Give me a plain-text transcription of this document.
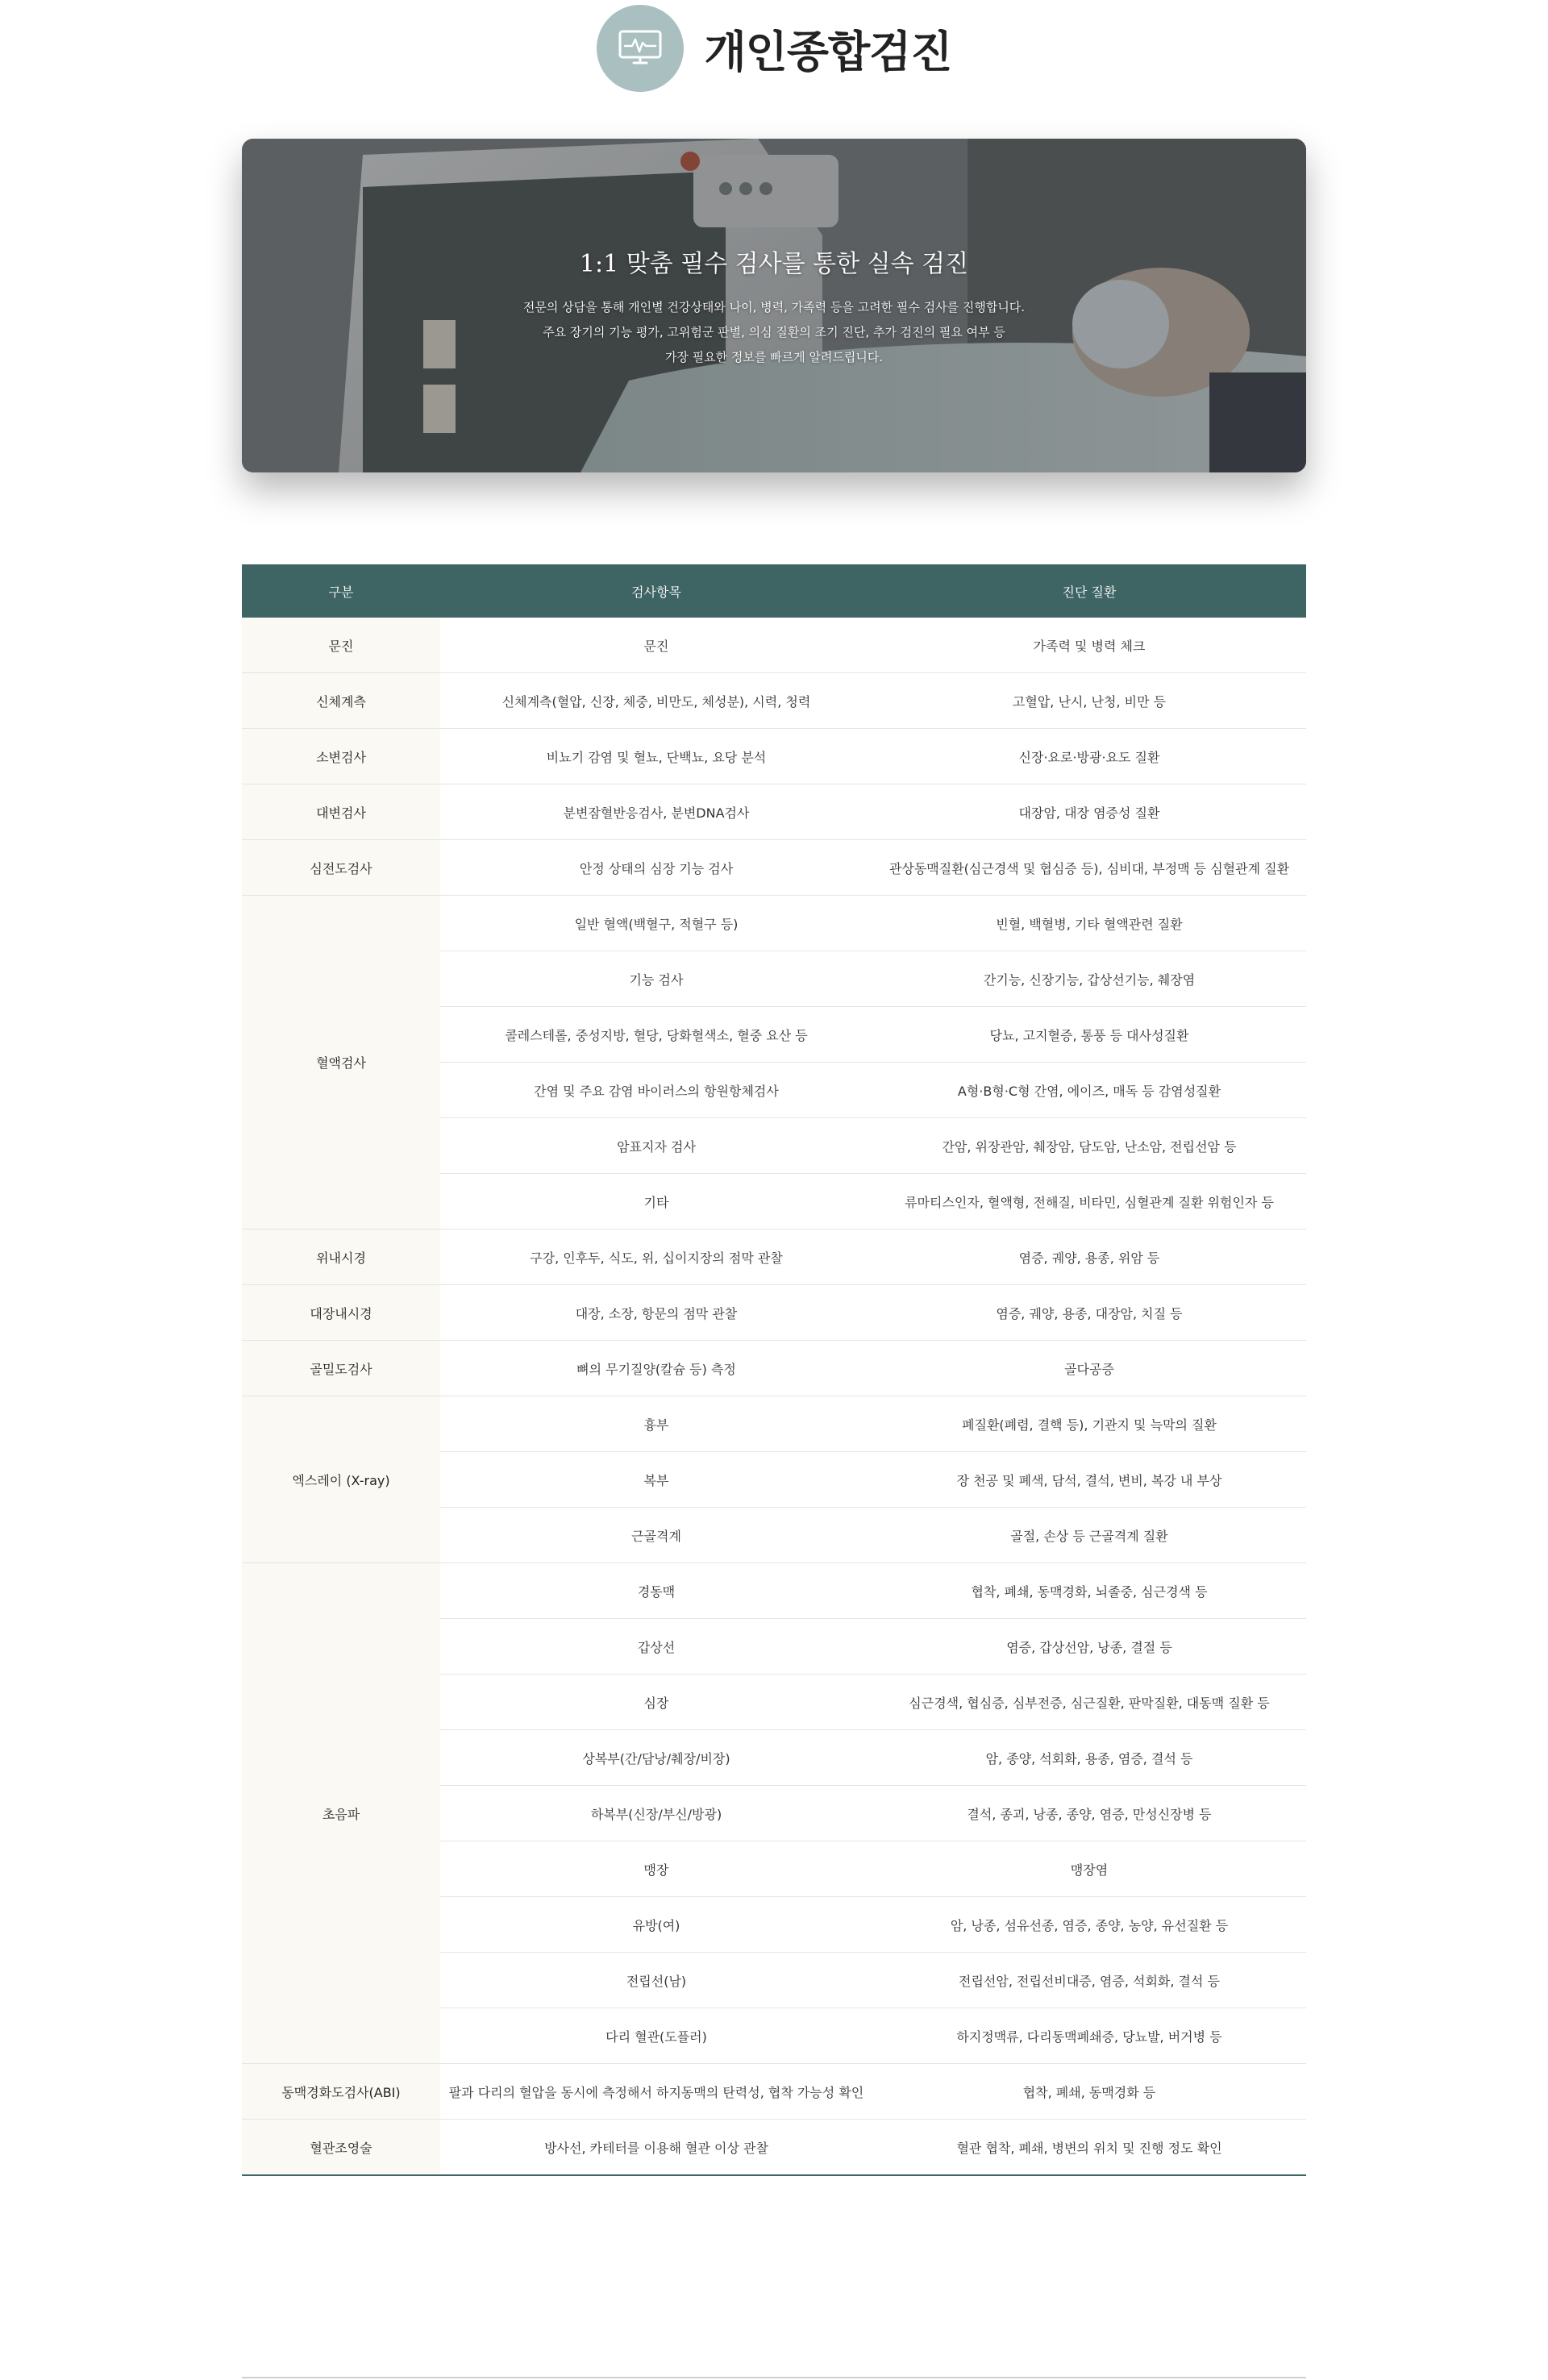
개인종합검진
1:1 맞춤 필수 검사를 통한 실속 검진
전문의 상담을 통해 개인별 건강상태와 나이, 병력, 가족력 등을 고려한 필수 검사를 진행합니다.
주요 장기의 기능 평가, 고위험군 판별, 의심 질환의 조기 진단, 추가 검진의 필요 여부 등
가장 필요한 정보를 빠르게 알려드립니다.
구분	검사항목	진단 질환
문진	문진	가족력 및 병력 체크
신체계측	신체계측(혈압, 신장, 체중, 비만도, 체성분), 시력, 청력	고혈압, 난시, 난청, 비만 등
소변검사	비뇨기 감염 및 혈뇨, 단백뇨, 요당 분석	신장·요로·방광·요도 질환
대변검사	분변잠혈반응검사, 분변DNA검사	대장암, 대장 염증성 질환
심전도검사	안정 상태의 심장 기능 검사	관상동맥질환(심근경색 및 협심증 등), 심비대, 부정맥 등 심혈관계 질환
혈액검사	일반 혈액(백혈구, 적혈구 등)	빈혈, 백혈병, 기타 혈액관련 질환
	기능 검사	간기능, 신장기능, 갑상선기능, 췌장염
	콜레스테롤, 중성지방, 혈당, 당화혈색소, 혈중 요산 등	당뇨, 고지혈증, 통풍 등 대사성질환
	간염 및 주요 감염 바이러스의 항원항체검사	A형·B형·C형 간염, 에이즈, 매독 등 감염성질환
	암표지자 검사	간암, 위장관암, 췌장암, 담도암, 난소암, 전립선암 등
	기타	류마티스인자, 혈액형, 전해질, 비타민, 심혈관계 질환 위험인자 등
위내시경	구강, 인후두, 식도, 위, 십이지장의 점막 관찰	염증, 궤양, 용종, 위암 등
대장내시경	대장, 소장, 항문의 점막 관찰	염증, 궤양, 용종, 대장암, 치질 등
골밀도검사	뼈의 무기질양(칼슘 등) 측정	골다공증
엑스레이 (X-ray)	흉부	폐질환(폐렴, 결핵 등), 기관지 및 늑막의 질환
	복부	장 천공 및 폐색, 담석, 결석, 변비, 복강 내 부상
	근골격계	골절, 손상 등 근골격계 질환
초음파	경동맥	협착, 폐쇄, 동맥경화, 뇌졸중, 심근경색 등
	갑상선	염증, 갑상선암, 낭종, 결절 등
	심장	심근경색, 협심증, 심부전증, 심근질환, 판막질환, 대동맥 질환 등
	상복부(간/담낭/췌장/비장)	암, 종양, 석회화, 용종, 염증, 결석 등
	하복부(신장/부신/방광)	결석, 종괴, 낭종, 종양, 염증, 만성신장병 등
	맹장	맹장염
	유방(여)	암, 낭종, 섬유선종, 염증, 종양, 농양, 유선질환 등
	전립선(남)	전립선암, 전립선비대증, 염증, 석회화, 결석 등
	다리 혈관(도플러)	하지정맥류, 다리동맥폐쇄증, 당뇨발, 버거병 등
동맥경화도검사(ABI)	팔과 다리의 혈압을 동시에 측정해서 하지동맥의 탄력성, 협착 가능성 확인	협착, 폐쇄, 동맥경화 등
혈관조영술	방사선, 카테터를 이용해 혈관 이상 관찰	혈관 협착, 폐쇄, 병변의 위치 및 진행 정도 확인
